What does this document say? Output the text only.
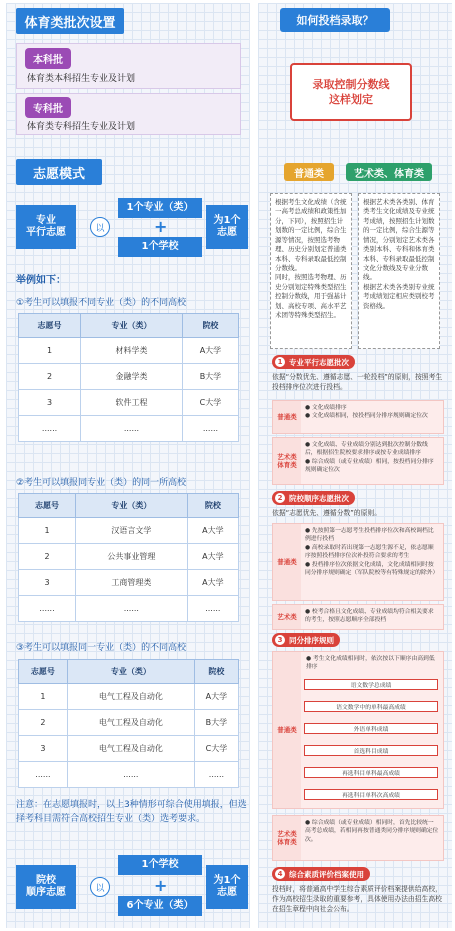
体育类批次设置
本科批
体育类本科招生专业及计划
专科批
体育类专科招生专业及计划
志愿模式
专业
平行志愿	以
1个专业（类）
+
1个学校
为1个
志愿
举例如下：
①考生可以填报不同专业（类）的不同高校
志愿号	专业（类）	院校
1	材料学类	A大学
2	金融学类	B大学
3	软件工程	C大学
......	......	......
②考生可以填报同专业（类）的同一所高校
志愿号	专业（类）	院校
1	汉语言文学	A大学
2	公共事业管理	A大学
3	工商管理类	A大学
......	......	......
③考生可以填报同一专业（类）的不同高校
志愿号	专业（类）	院校
1	电气工程及自动化	A大学
2	电气工程及自动化	B大学
3	电气工程及自动化	C大学
......	......	......
注意：在志愿填报时，以上3种情形可综合使用填报，但选择考科目需符合高校招生专业（类）选考要求。
院校
顺序志愿	以
1个学校
+
6个专业（类）
为1个
志愿
如何投档录取？
录取控制分数线
这样划定
普通类	艺术类、体育类
根据考生文化成绩（含统一高考总成绩和政策性加分，下同），按照招生计划数的一定比例，综合生源等情况，按照选考物理、历史分别划定普通类本科、专科录取最低控制分数线。
同时，按照选考物理、历史分别划定特殊类型招生控制分数线，用于强基计划、高校专项、高水平艺术团等特殊类型招生。
根据艺术类各类别、体育类考生文化成绩及专业统考成绩，按照招生计划数的一定比例，综合生源等情况，分别划定艺术类各类别本科、专科和体育类本科、专科录取最低控制文化分数线及专业分数线。
根据艺术类各类别专业统考成绩划定相应类别校考资格线。
1 专业平行志愿批次
依据“分数优先、遵循志愿、一轮投档”的原则，按照考生投档排序位次进行投档。
普通类
● 文化成绩排序
● 文化成绩相同，按投档同分排序规则确定位次
艺术类
体育类
● 文化成绩、专业成绩分别达到批次控制分数线后，根据招生院校要求排序或按专业成绩排序
● 综合成绩（或专业成绩）相同，按投档同分排序规则确定位次
2 院校顺序志愿批次
依据“志愿优先、遵循分数”的原则。
普通类
● 先按照第一志愿考生投档排序位次和高校调档比例进行投档
● 高校录取时若出现第一志愿生源不足，依志愿顺序按照投档排序位次补投符合要求的考生
● 投档排序位次依据文化成绩，文化成绩相同时按同分排序规则确定（军队院校等有特殊规定的除外）
艺术类
● 校考合格且文化成绩、专业成绩均符合相关要求的考生，按照志愿顺序全部投档
3 同分排序规则
普通类
● 考生文化成绩相同时，依次按以下顺序由高到低排序
语文数学总成绩
语文数学中的单科最高成绩
外语单科成绩
首选科目成绩
再选科目单科最高成绩
再选科目单科次高成绩
艺术类
体育类
● 综合成绩（或专业成绩）相同时，首先比较统一高考总成绩，若相同再按普通类同分排序规则确定位次。
4 综合素质评价档案使用
投档时，将普通高中学生综合素质评价档案提供给高校，作为高校招生录取的重要参考，具体使用办法由招生高校在招生章程中向社会公布。
